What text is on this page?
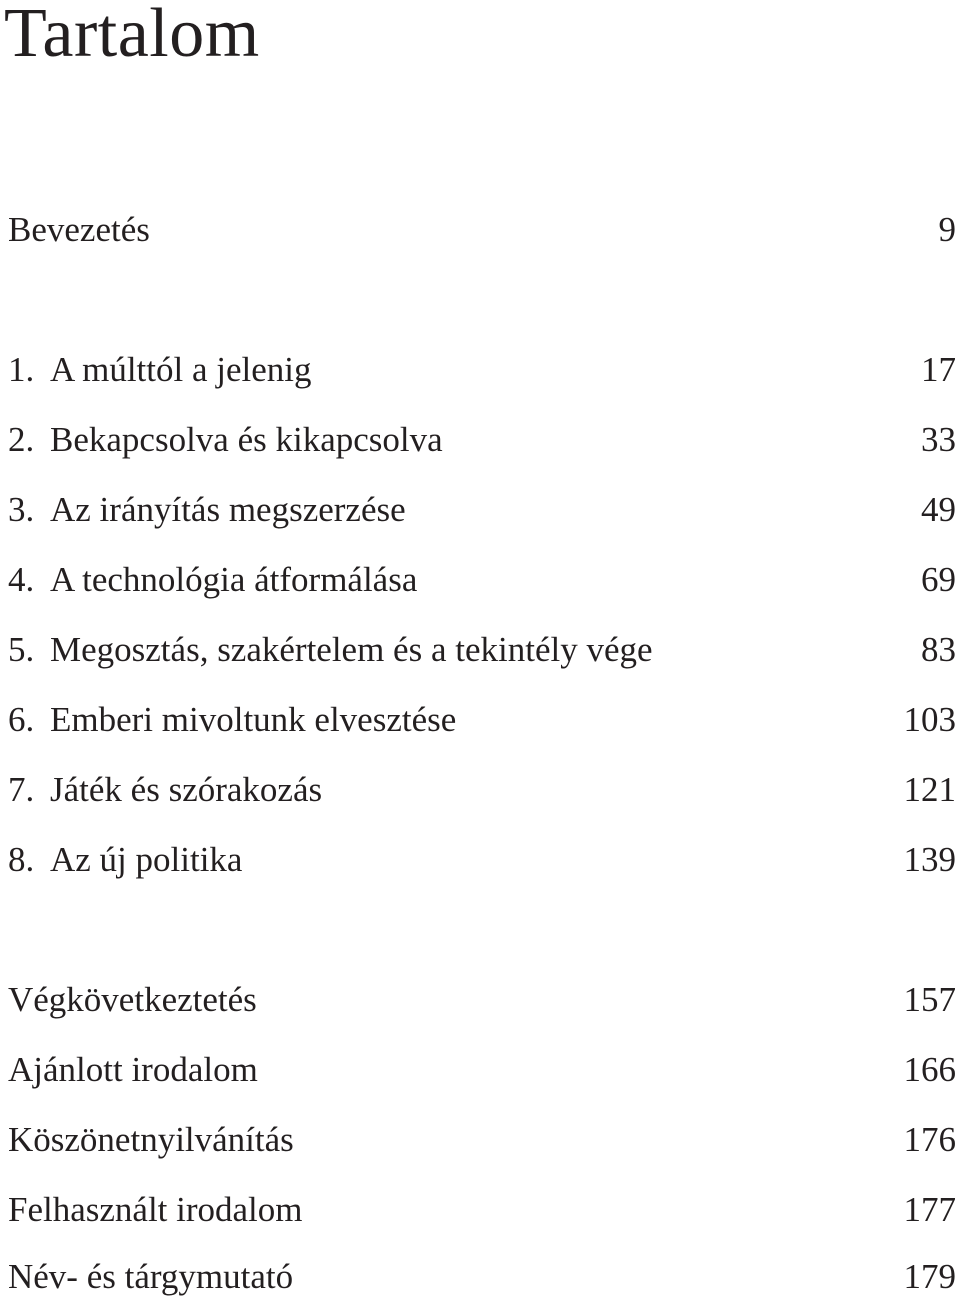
Tartalom
Bevezetés	9
1. A múlttól a jelenig	17
2. Bekapcsolva és kikapcsolva	33
3. Az irányítás megszerzése	49
4. A technológia átformálása	69
5. Megosztás, szakértelem és a tekintély vége	83
6. Emberi mivoltunk elvesztése	103
7. Játék és szórakozás	121
8. Az új politika	139
Végkövetkeztetés	157
Ajánlott irodalom	166
Köszönetnyilvánítás	176
Felhasznált irodalom	177
Név- és tárgymutató	179
